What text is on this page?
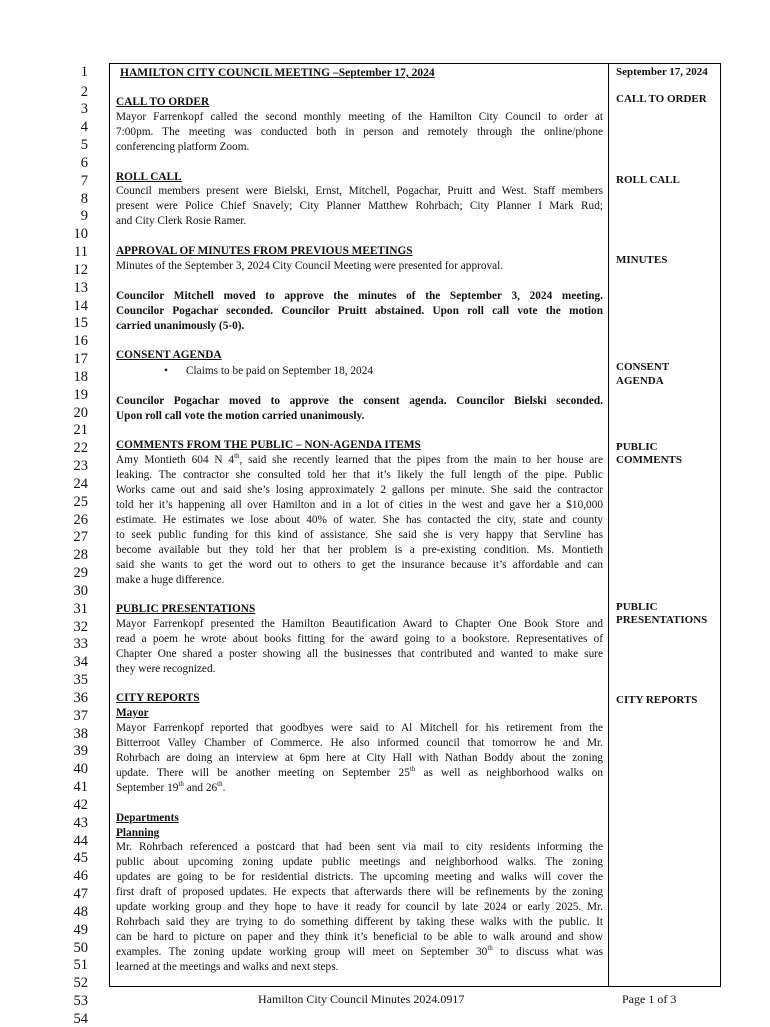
1
2
3
4
5
6
7
8
9
10
11
12
13
14
15
16
17
18
19
20
21
22
23
24
25
26
27
28
29
30
31
32
33
34
35
36
37
38
39
40
41
42
43
44
45
46
47
48
49
50
51
52
53
54
HAMILTON CITY COUNCIL MEETING –September 17, 2024	September 17, 2024
CALL TO ORDER	CALL TO ORDER
Mayor Farrenkopf called the second monthly meeting of the Hamilton City Council to order at
7:00pm. The meeting was conducted both in person and remotely through the online/phone
conferencing platform Zoom.
ROLL CALL	ROLL CALL
Council members present were Bielski, Ernst, Mitchell, Pogachar, Pruitt and West. Staff members
present were Police Chief Snavely; City Planner Matthew Rohrbach; City Planner I Mark Rud;
and City Clerk Rosie Ramer.
APPROVAL OF MINUTES FROM PREVIOUS MEETINGS
MINUTES
Minutes of the September 3, 2024 City Council Meeting were presented for approval.
Councilor Mitchell moved to approve the minutes of the September 3, 2024 meeting.
Councilor Pogachar seconded. Councilor Pruitt abstained. Upon roll call vote the motion
carried unanimously (5-0).
CONSENT AGENDA
CONSENT
AGENDA
• Claims to be paid on September 18, 2024
Councilor Pogachar moved to approve the consent agenda. Councilor Bielski seconded.
Upon roll call vote the motion carried unanimously.
COMMENTS FROM THE PUBLIC – NON-AGENDA ITEMS	PUBLIC
COMMENTS
Amy Montieth 604 N 4th, said she recently learned that the pipes from the main to her house are
leaking. The contractor she consulted told her that it’s likely the full length of the pipe. Public
Works came out and said she’s losing approximately 2 gallons per minute. She said the contractor
told her it’s happening all over Hamilton and in a lot of cities in the west and gave her a $10,000
estimate. He estimates we lose about 40% of water. She has contacted the city, state and county
to seek public funding for this kind of assistance. She said she is very happy that Servline has
become available but they told her that her problem is a pre-existing condition. Ms. Montieth
said she wants to get the word out to others to get the insurance because it’s affordable and can
make a huge difference.
PUBLIC PRESENTATIONS	PUBLIC
PRESENTATIONS
Mayor Farrenkopf presented the Hamilton Beautification Award to Chapter One Book Store and
read a poem he wrote about books fitting for the award going to a bookstore. Representatives of
Chapter One shared a poster showing all the businesses that contributed and wanted to make sure
they were recognized.
CITY REPORTS	CITY REPORTS
Mayor
Mayor Farrenkopf reported that goodbyes were said to Al Mitchell for his retirement from the
Bitterroot Valley Chamber of Commerce. He also informed council that tomorrow he and Mr.
Rohrbach are doing an interview at 6pm here at City Hall with Nathan Boddy about the zoning
update. There will be another meeting on September 25th as well as neighborhood walks on
September 19th and 26th.
Departments
Planning
Mr. Rohrbach referenced a postcard that had been sent via mail to city residents informing the
public about upcoming zoning update public meetings and neighborhood walks. The zoning
updates are going to be for residential districts. The upcoming meeting and walks will cover the
first draft of proposed updates. He expects that afterwards there will be refinements by the zoning
update working group and they hope to have it ready for council by late 2024 or early 2025. Mr.
Rohrbach said they are trying to do something different by taking these walks with the public. It
can be hard to picture on paper and they think it’s beneficial to be able to walk around and show
examples. The zoning update working group will meet on September 30th to discuss what was
learned at the meetings and walks and next steps.
Hamilton City Council Minutes 2024.0917	Page 1 of 3
